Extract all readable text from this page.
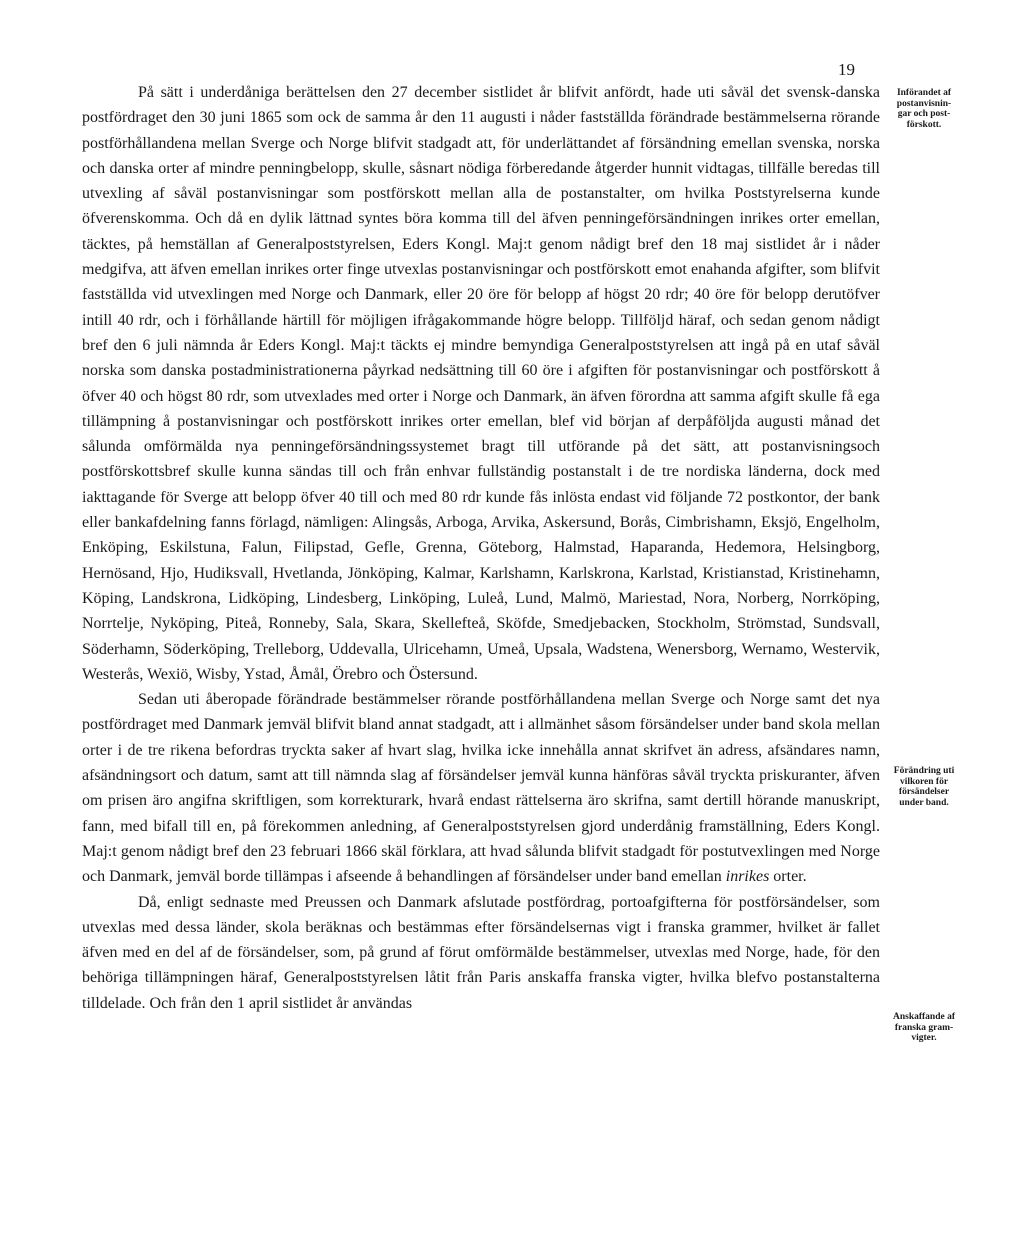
19

På sätt i underdåniga berättelsen den 27 december sistlidet år blifvit anfördt, hade uti såväl det svensk-danska postfördraget den 30 juni 1865 som ock de samma år den 11 augusti i nåder fastställda förändrade bestämmelserna rörande postförhållandena mellan Sverge och Norge blifvit stadgadt att, för underlättandet af försändning emellan svenska, norska och danska orter af mindre penningbelopp, skulle, såsnart nödiga förberedande åtgerder hunnit vidtagas, tillfälle beredas till utvexling af såväl postanvisningar som postförskott mellan alla de postanstalter, om hvilka Poststyrelserna kunde öfverenskomma. Och då en dylik lättnad syntes böra komma till del äfven penningeförsändningen inrikes orter emellan, täcktes, på hemställan af Generalpoststyrelsen, Eders Kongl. Maj:t genom nådigt bref den 18 maj sistlidet år i nåder medgifva, att äfven emellan inrikes orter finge utvexlas postanvisningar och postförskott emot enahanda afgifter, som blifvit fastställda vid utvexlingen med Norge och Danmark, eller 20 öre för belopp af högst 20 rdr; 40 öre för belopp derutöfver intill 40 rdr, och i förhållande härtill för möjligen ifrågakommande högre belopp. Tillföljd häraf, och sedan genom nådigt bref den 6 juli nämnda år Eders Kongl. Maj:t täckts ej mindre bemyndiga Generalpoststyrelsen att ingå på en utaf såväl norska som danska postadministrationerna påyrkad nedsättning till 60 öre i afgiften för postanvisningar och postförskott å öfver 40 och högst 80 rdr, som utvexlades med orter i Norge och Danmark, än äfven förordna att samma afgift skulle få ega tillämpning å postanvisningar och postförskott inrikes orter emellan, blef vid början af derpåföljda augusti månad det sålunda omförmälda nya penningeförsändningssystemet bragt till utförande på det sätt, att postanvisningsoch postförskottsbref skulle kunna sändas till och från enhvar fullständig postanstalt i de tre nordiska länderna, dock med iakttagande för Sverge att belopp öfver 40 till och med 80 rdr kunde fås inlösta endast vid följande 72 postkontor, der bank eller bankafdelning fanns förlagd, nämligen: Alingsås, Arboga, Arvika, Askersund, Borås, Cimbrishamn, Eksjö, Engelholm, Enköping, Eskilstuna, Falun, Filipstad, Gefle, Grenna, Göteborg, Halmstad, Haparanda, Hedemora, Helsingborg, Hernösand, Hjo, Hudiksvall, Hvetlanda, Jönköping, Kalmar, Karlshamn, Karlskrona, Karlstad, Kristianstad, Kristinehamn, Köping, Landskrona, Lidköping, Lindesberg, Linköping, Luleå, Lund, Malmö, Mariestad, Nora, Norberg, Norrköping, Norrtelje, Nyköping, Piteå, Ronneby, Sala, Skara, Skellefteå, Sköfde, Smedjebacken, Stockholm, Strömstad, Sundsvall, Söderhamn, Söderköping, Trelleborg, Uddevalla, Ulricehamn, Umeå, Upsala, Wadstena, Wenersborg, Wernamo, Westervik, Westerås, Wexiö, Wisby, Ystad, Åmål, Örebro och Östersund.

Sedan uti åberopade förändrade bestämmelser rörande postförhållandena mellan Sverge och Norge samt det nya postfördraget med Danmark jemväl blifvit bland annat stadgadt, att i allmänhet såsom försändelser under band skola mellan orter i de tre rikena befordras tryckta saker af hvart slag, hvilka icke innehålla annat skrifvet än adress, afsändares namn, afsändningsort och datum, samt att till nämnda slag af försändelser jemväl kunna hänföras såväl tryckta priskuranter, äfven om prisen äro angifna skriftligen, som korrekturark, hvarå endast rättelserna äro skrifna, samt dertill hörande manuskript, fann, med bifall till en, på förekommen anledning, af Generalpoststyrelsen gjord underdånig framställning, Eders Kongl. Maj:t genom nådigt bref den 23 februari 1866 skäl förklara, att hvad sålunda blifvit stadgadt för postutvexlingen med Norge och Danmark, jemväl borde tillämpas i afseende å behandlingen af försändelser under band emellan inrikes orter.

Då, enligt sednaste med Preussen och Danmark afslutade postfördrag, portoafgifterna för postförsändelser, som utvexlas med dessa länder, skola beräknas och bestämmas efter försändelsernas vigt i franska grammer, hvilket är fallet äfven med en del af de försändelser, som, på grund af förut omförmälde bestämmelser, utvexlas med Norge, hade, för den behöriga tillämpningen häraf, Generalpoststyrelsen låtit från Paris anskaffa franska vigter, hvilka blefvo postanstalterna tilldelade. Och från den 1 april sistlidet år användas

Införandet af
postanvisnin-
gar och post-
förskott.
Förändring uti
vilkoren för
försändelser
under band.
Anskaffande af
franska gram-
vigter.
